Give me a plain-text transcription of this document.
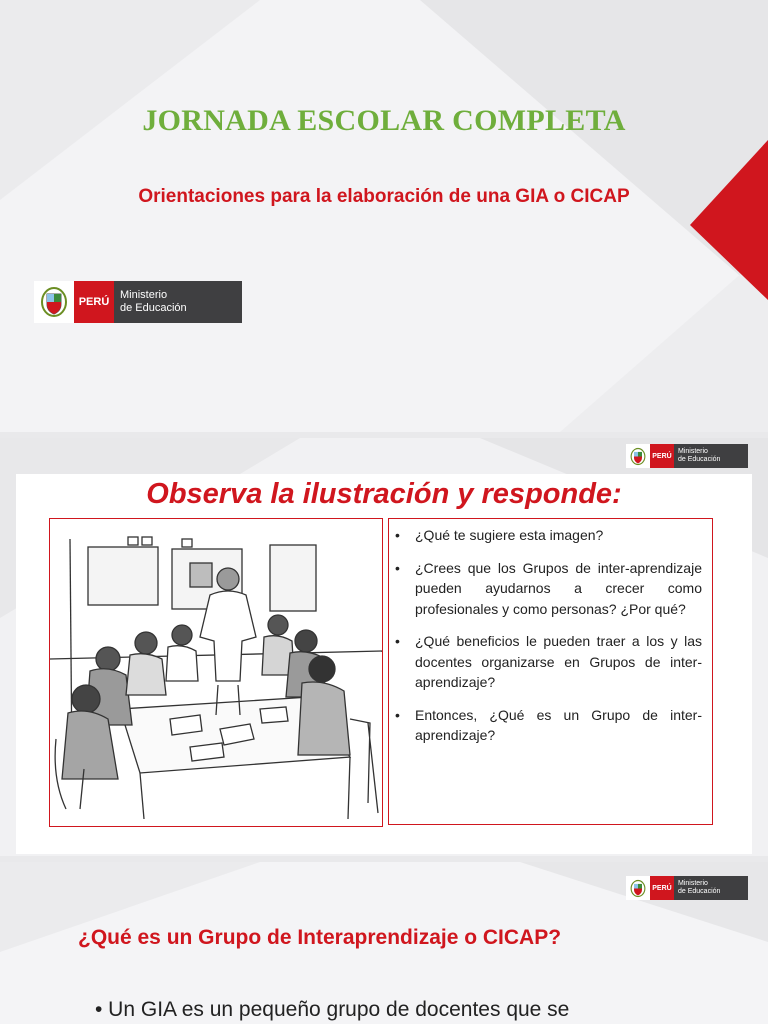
JORNADA ESCOLAR COMPLETA
Orientaciones para la elaboración de una GIA o CICAP
PERÚ
Ministerio
de Educación
PERÚ
Ministerio
de Educación
Observa la ilustración y responde:
•	¿Qué te sugiere esta imagen?
•	¿Crees que los Grupos de inter-aprendizaje pueden ayudarnos a crecer como profesionales y como personas? ¿Por qué?
•	¿Qué beneficios le pueden traer a los y las docentes organizarse en Grupos de inter-aprendizaje?
•	Entonces, ¿Qué es un Grupo de inter-aprendizaje?
PERÚ
Ministerio
de Educación
¿Qué es un Grupo de Interaprendizaje o CICAP?

• Un GIA es un pequeño grupo de docentes que se
